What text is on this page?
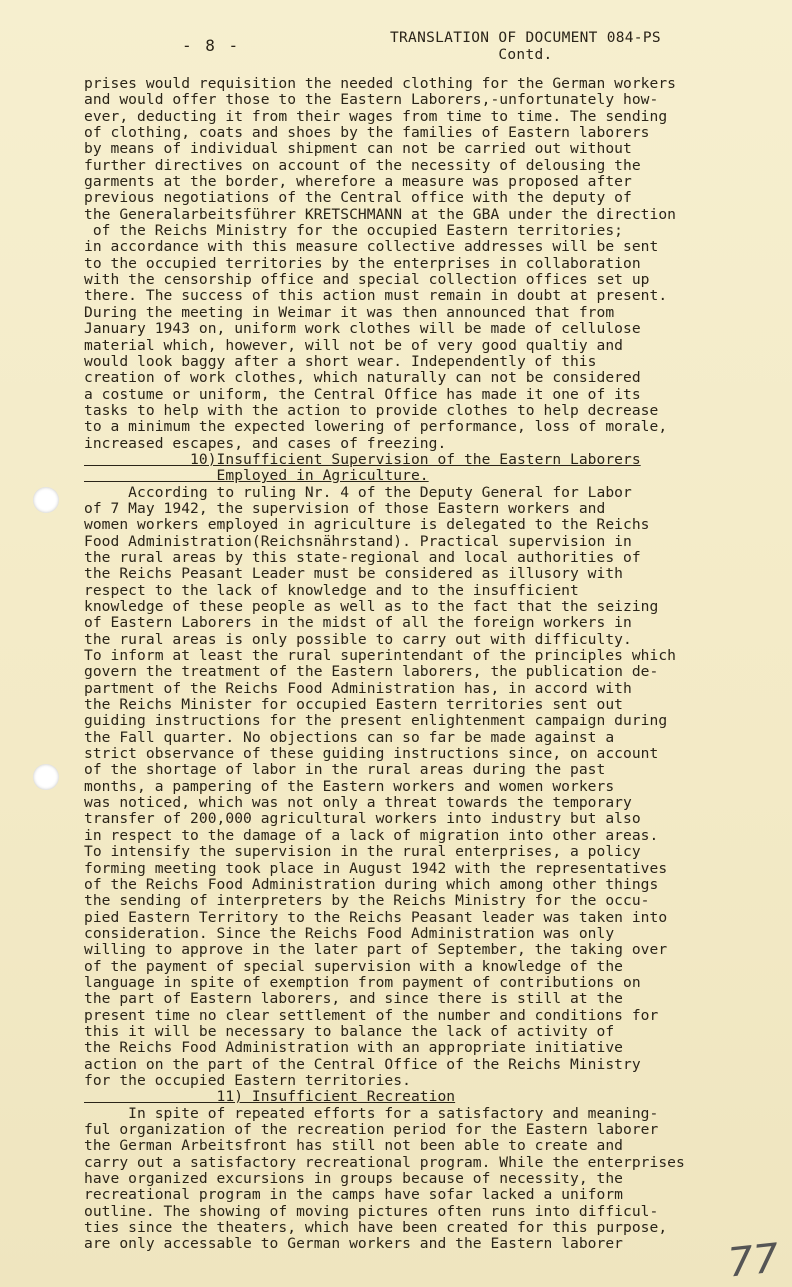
- 8 -	TRANSLATION OF DOCUMENT 084-PS
Contd.
prises would requisition the needed clothing for the German workers
and would offer those to the Eastern Laborers,-unfortunately how-
ever, deducting it from their wages from time to time. The sending
of clothing, coats and shoes by the families of Eastern laborers
by means of individual shipment can not be carried out without
further directives on account of the necessity of delousing the
garments at the border, wherefore a measure was proposed after
previous negotiations of the Central office with the deputy of
the Generalarbeitsführer KRETSCHMANN at the GBA under the direction
of the Reichs Ministry for the occupied Eastern territories;
in accordance with this measure collective addresses will be sent
to the occupied territories by the enterprises in collaboration
with the censorship office and special collection offices set up
there. The success of this action must remain in doubt at present.
During the meeting in Weimar it was then announced that from
January 1943 on, uniform work clothes will be made of cellulose
material which, however, will not be of very good qualtiy and
would look baggy after a short wear. Independently of this
creation of work clothes, which naturally can not be considered
a costume or uniform, the Central Office has made it one of its
tasks to help with the action to provide clothes to help decrease
to a minimum the expected lowering of performance, loss of morale,
increased escapes, and cases of freezing.
10)Insufficient Supervision of the Eastern Laborers
Employed in Agriculture.
According to ruling Nr. 4 of the Deputy General for Labor
of 7 May 1942, the supervision of those Eastern workers and
women workers employed in agriculture is delegated to the Reichs
Food Administration(Reichsnährstand). Practical supervision in
the rural areas by this state-regional and local authorities of
the Reichs Peasant Leader must be considered as illusory with
respect to the lack of knowledge and to the insufficient
knowledge of these people as well as to the fact that the seizing
of Eastern Laborers in the midst of all the foreign workers in
the rural areas is only possible to carry out with difficulty.
To inform at least the rural superintendant of the principles which
govern the treatment of the Eastern laborers, the publication de-
partment of the Reichs Food Administration has, in accord with
the Reichs Minister for occupied Eastern territories sent out
guiding instructions for the present enlightenment campaign during
the Fall quarter. No objections can so far be made against a
strict observance of these guiding instructions since, on account
of the shortage of labor in the rural areas during the past
months, a pampering of the Eastern workers and women workers
was noticed, which was not only a threat towards the temporary
transfer of 200,000 agricultural workers into industry but also
in respect to the damage of a lack of migration into other areas.
To intensify the supervision in the rural enterprises, a policy
forming meeting took place in August 1942 with the representatives
of the Reichs Food Administration during which among other things
the sending of interpreters by the Reichs Ministry for the occu-
pied Eastern Territory to the Reichs Peasant leader was taken into
consideration. Since the Reichs Food Administration was only
willing to approve in the later part of September, the taking over
of the payment of special supervision with a knowledge of the
language in spite of exemption from payment of contributions on
the part of Eastern laborers, and since there is still at the
present time no clear settlement of the number and conditions for
this it will be necessary to balance the lack of activity of
the Reichs Food Administration with an appropriate initiative
action on the part of the Central Office of the Reichs Ministry
for the occupied Eastern territories.
11) Insufficient Recreation
In spite of repeated efforts for a satisfactory and meaning-
ful organization of the recreation period for the Eastern laborer
the German Arbeitsfront has still not been able to create and
carry out a satisfactory recreational program. While the enterprises
have organized excursions in groups because of necessity, the
recreational program in the camps have sofar lacked a uniform
outline. The showing of moving pictures often runs into difficul-
ties since the theaters, which have been created for this purpose,
are only accessable to German workers and the Eastern laborer	77
